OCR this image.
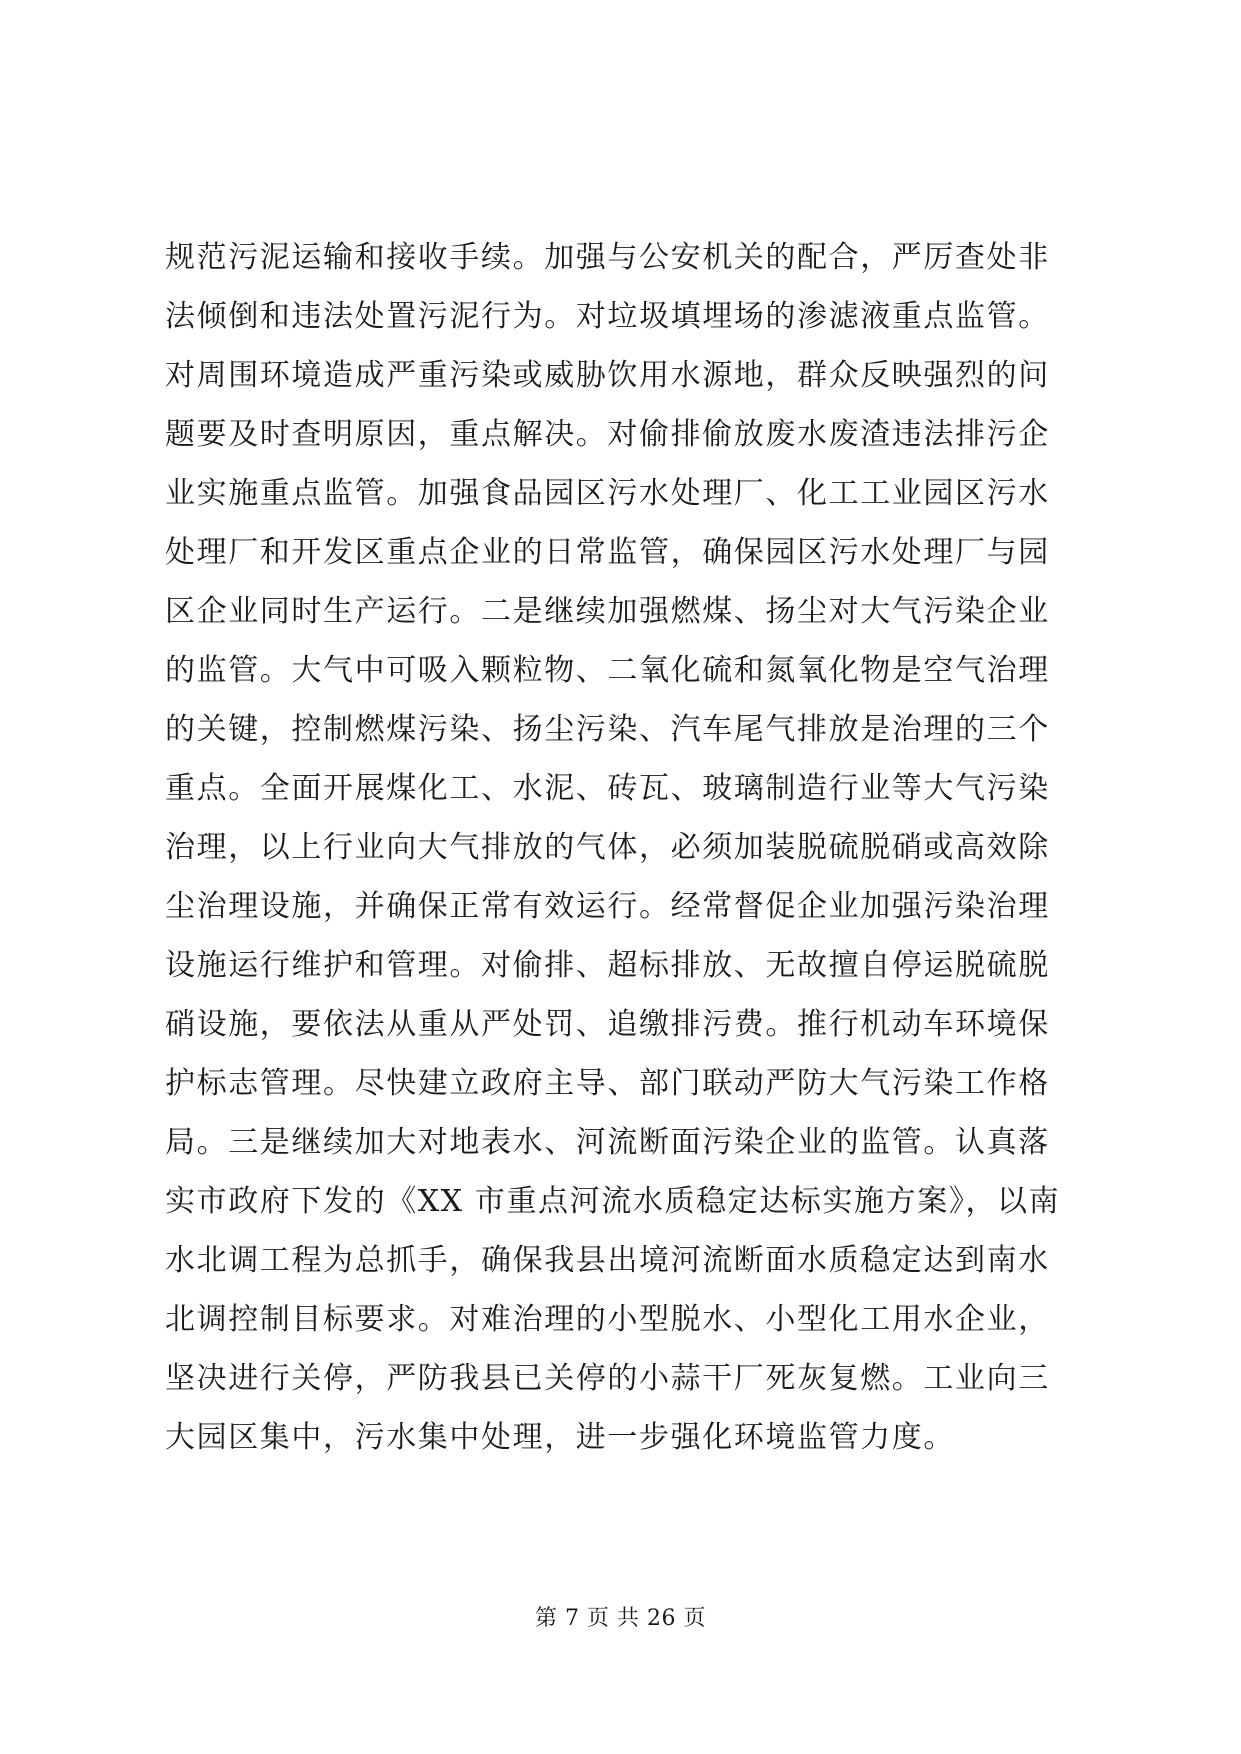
规范污泥运输和接收手续。加强与公安机关的配合，严厉查处非
法倾倒和违法处置污泥行为。对垃圾填埋场的渗滤液重点监管。
对周围环境造成严重污染或威胁饮用水源地，群众反映强烈的问
题要及时查明原因，重点解决。对偷排偷放废水废渣违法排污企
业实施重点监管。加强食品园区污水处理厂、化工工业园区污水
处理厂和开发区重点企业的日常监管，确保园区污水处理厂与园
区企业同时生产运行。二是继续加强燃煤、扬尘对大气污染企业
的监管。大气中可吸入颗粒物、二氧化硫和氮氧化物是空气治理
的关键，控制燃煤污染、扬尘污染、汽车尾气排放是治理的三个
重点。全面开展煤化工、水泥、砖瓦、玻璃制造行业等大气污染
治理，以上行业向大气排放的气体，必须加装脱硫脱硝或高效除
尘治理设施，并确保正常有效运行。经常督促企业加强污染治理
设施运行维护和管理。对偷排、超标排放、无故擅自停运脱硫脱
硝设施，要依法从重从严处罚、追缴排污费。推行机动车环境保
护标志管理。尽快建立政府主导、部门联动严防大气污染工作格
局。三是继续加大对地表水、河流断面污染企业的监管。认真落
实市政府下发的《XX 市重点河流水质稳定达标实施方案》，以南
水北调工程为总抓手，确保我县出境河流断面水质稳定达到南水
北调控制目标要求。对难治理的小型脱水、小型化工用水企业，
坚决进行关停，严防我县已关停的小蒜干厂死灰复燃。工业向三
大园区集中，污水集中处理，进一步强化环境监管力度。
第 7 页 共 26 页
